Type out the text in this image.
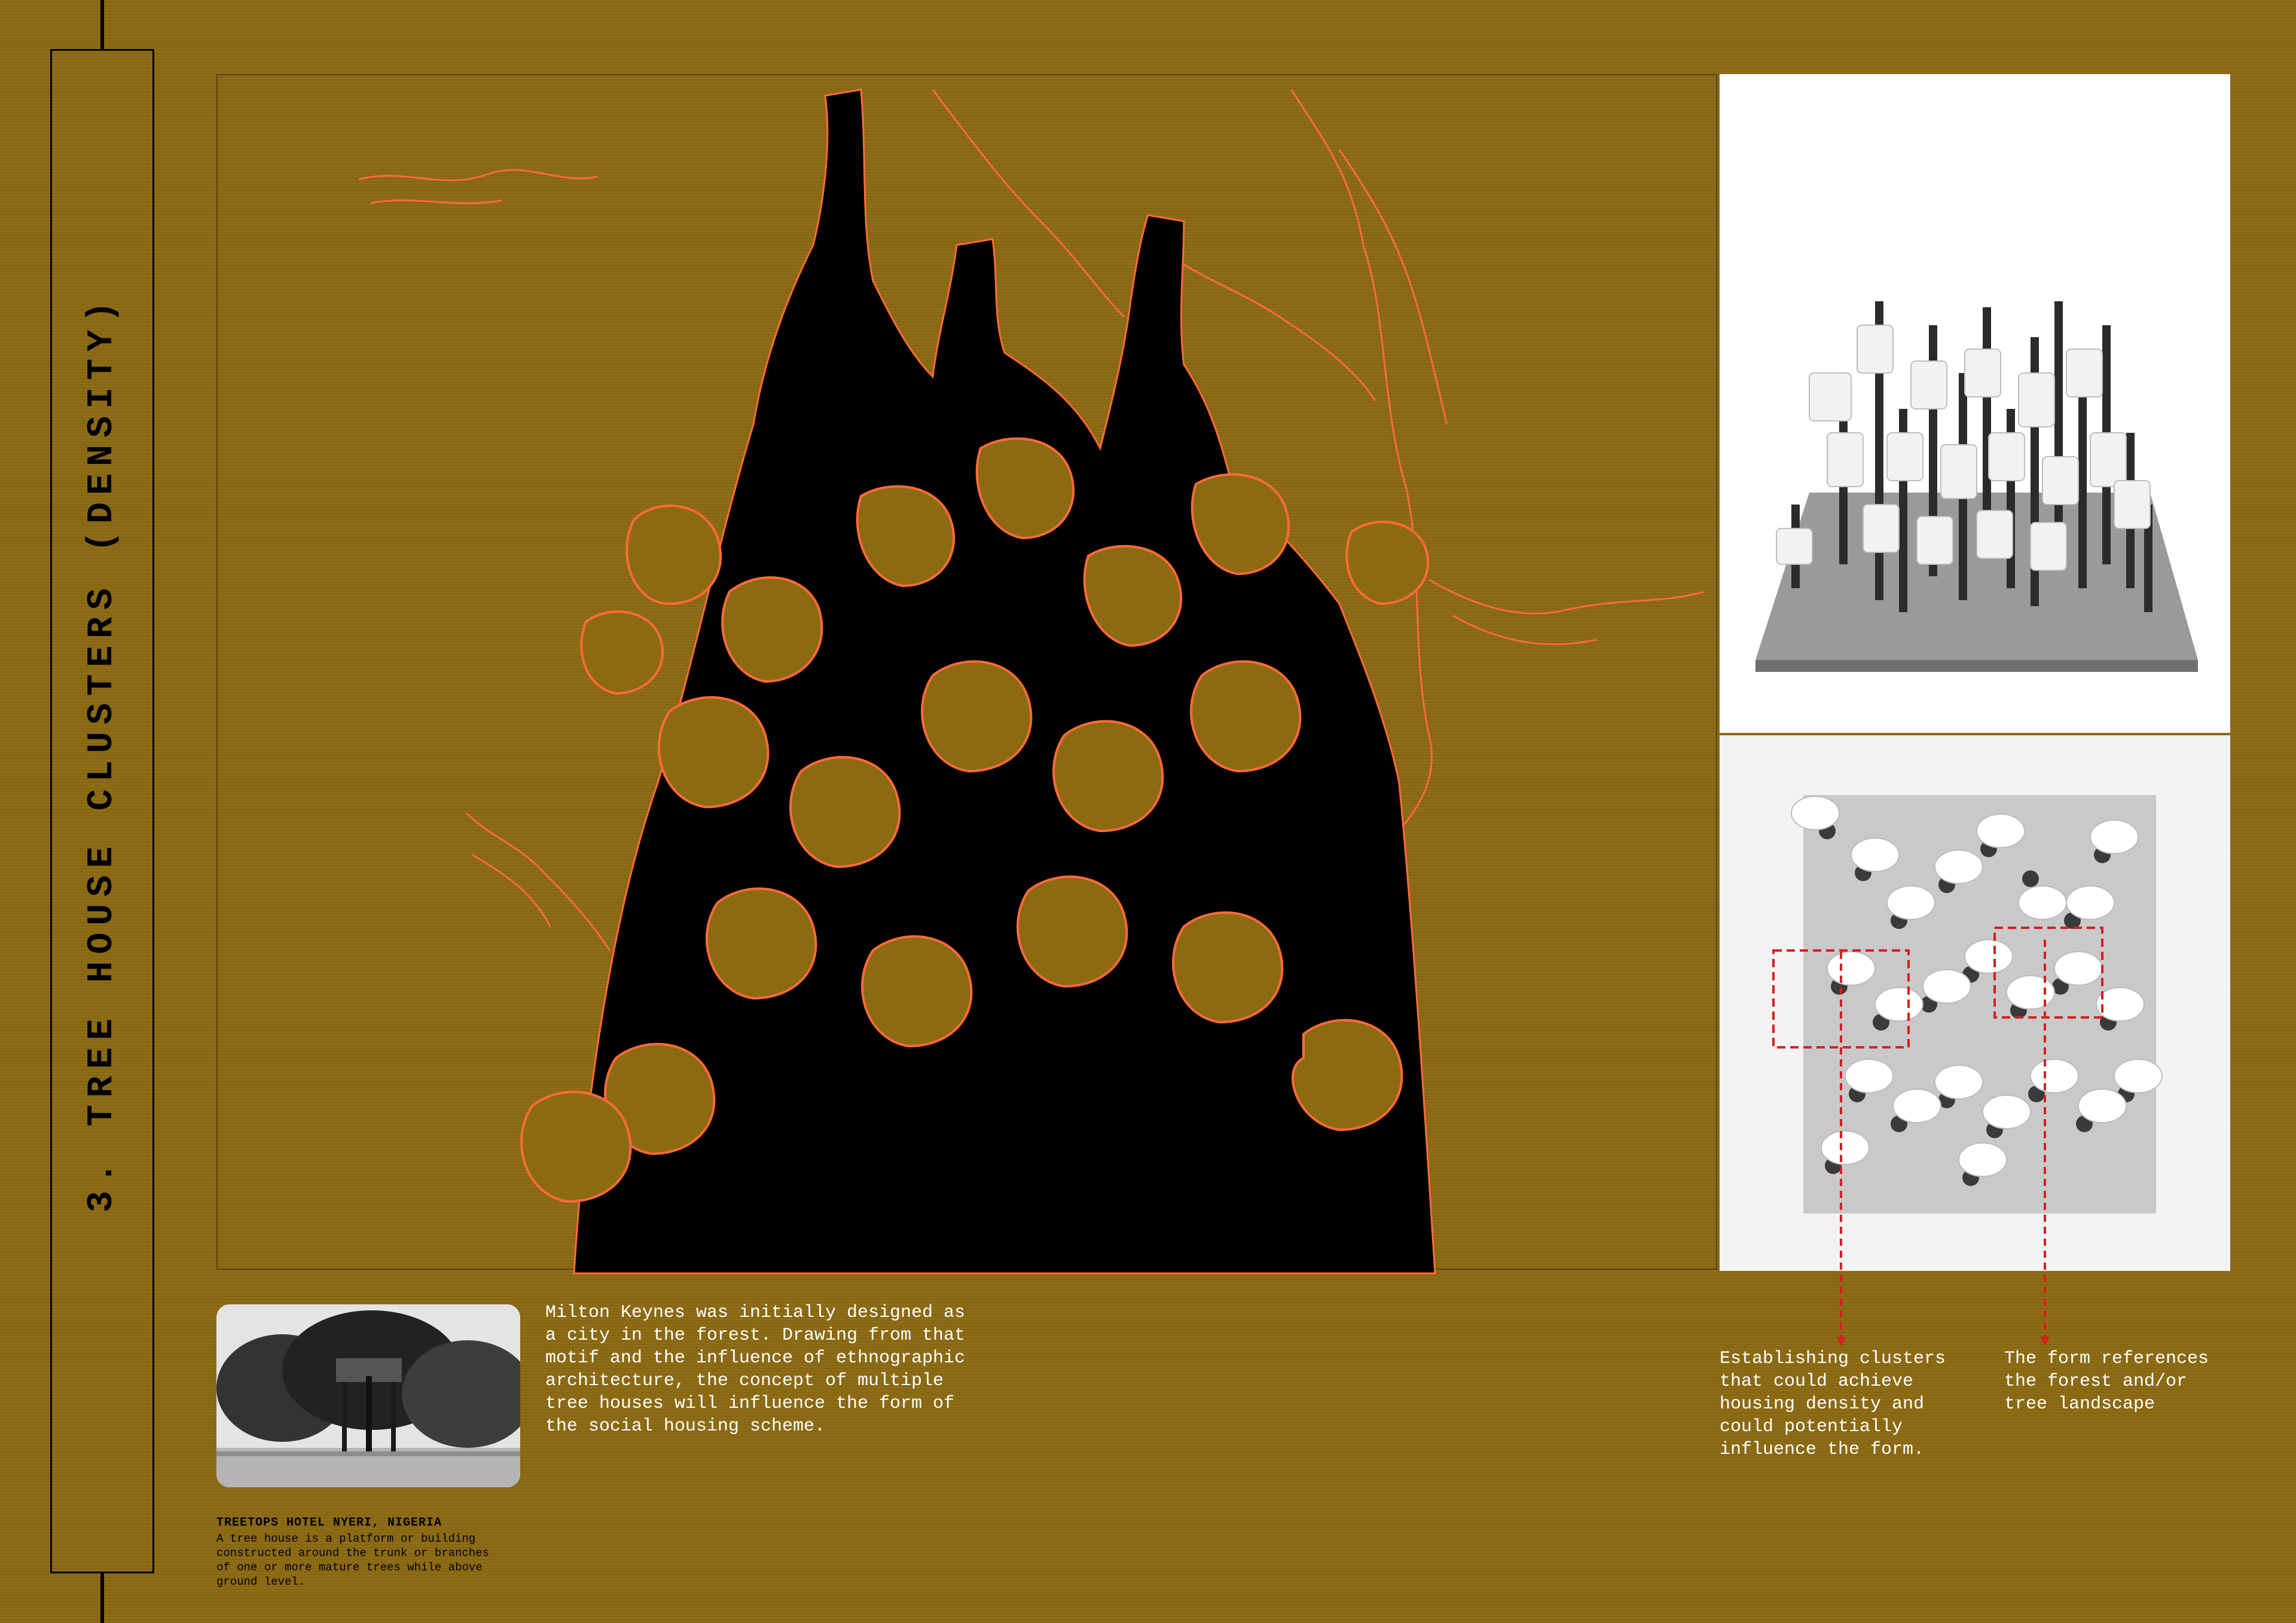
3. TREE HOUSE CLUSTERS (DENSITY)
TREETOPS HOTEL NYERI, NIGERIA
A tree house is a platform or building
constructed around the trunk or branches
of one or more mature trees while above
ground level.
Milton Keynes was initially designed as
a city in the forest. Drawing from that
motif and the influence of ethnographic
architecture, the concept of multiple
tree houses will influence the form of
the social housing scheme.
Establishing clusters
that could achieve
housing density and
could potentially
influence the form.
The form references
the forest and/or
tree landscape
